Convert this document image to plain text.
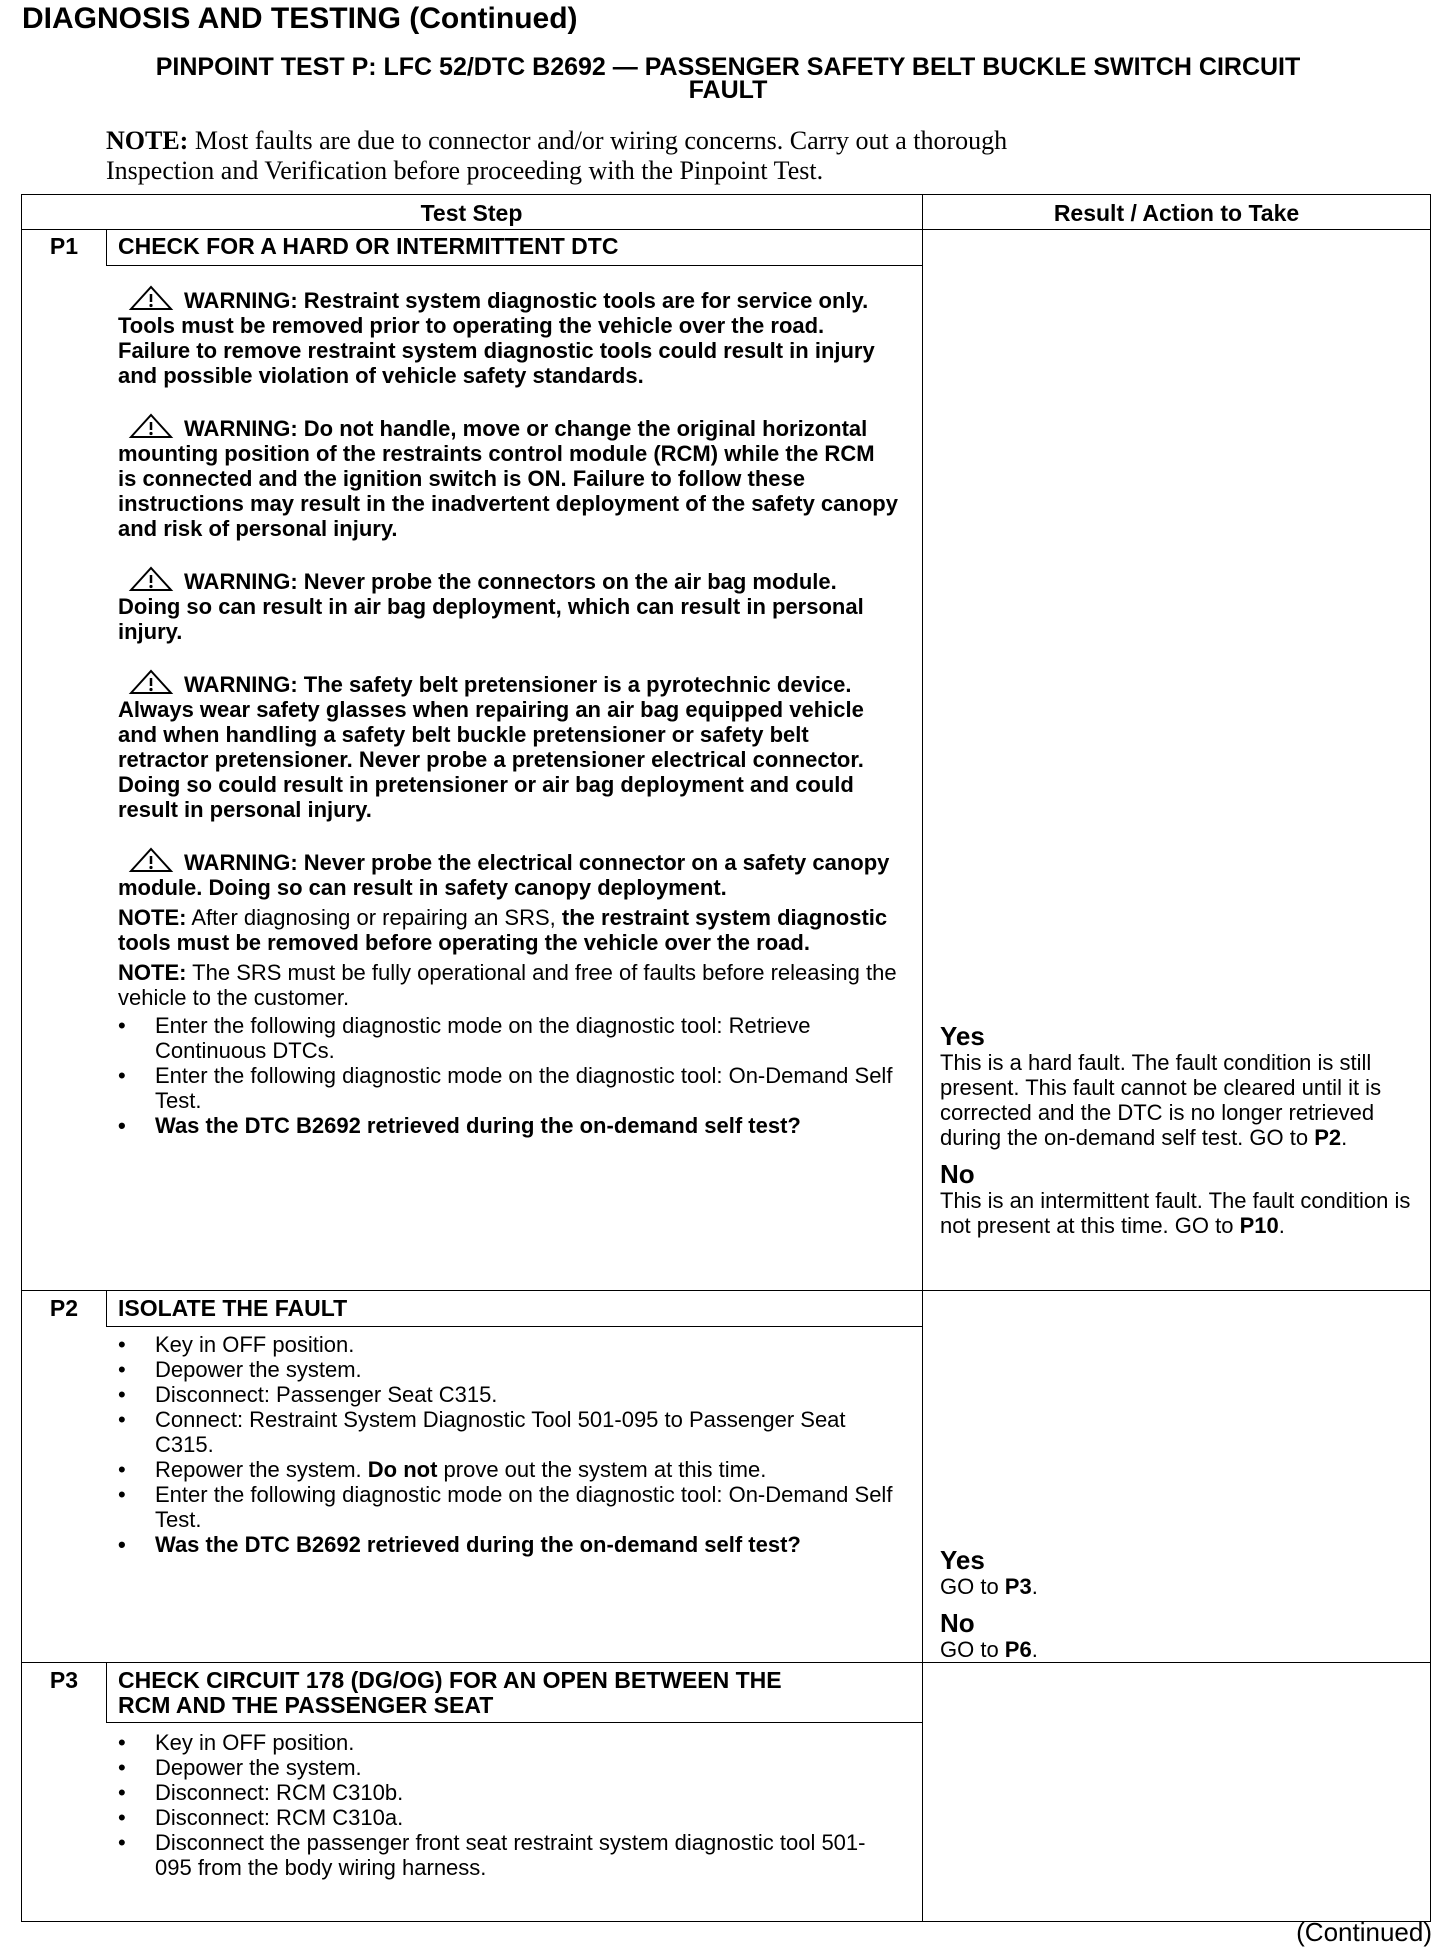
DIAGNOSIS AND TESTING (Continued)
PINPOINT TEST P: LFC 52/DTC B2692 — PASSENGER SAFETY BELT BUCKLE SWITCH CIRCUIT
FAULT
NOTE: Most faults are due to connector and/or wiring concerns. Carry out a thorough
Inspection and Verification before proceeding with the Pinpoint Test.
Test Step	Result / Action to Take
P1	CHECK FOR A HARD OR INTERMITTENT DTC

WARNING: Restraint system diagnostic tools are for service only. Tools must be removed prior to operating the vehicle over the road. Failure to remove restraint system diagnostic tools could result in injury and possible violation of vehicle safety standards.

WARNING: Do not handle, move or change the original horizontal mounting position of the restraints control module (RCM) while the RCM is connected and the ignition switch is ON. Failure to follow these instructions may result in the inadvertent deployment of the safety canopy and risk of personal injury.

WARNING: Never probe the connectors on the air bag module. Doing so can result in air bag deployment, which can result in personal injury.

WARNING: The safety belt pretensioner is a pyrotechnic device. Always wear safety glasses when repairing an air bag equipped vehicle and when handling a safety belt buckle pretensioner or safety belt retractor pretensioner. Never probe a pretensioner electrical connector. Doing so could result in pretensioner or air bag deployment and could result in personal injury.

WARNING: Never probe the electrical connector on a safety canopy module. Doing so can result in safety canopy deployment.

NOTE: After diagnosing or repairing an SRS, the restraint system diagnostic tools must be removed before operating the vehicle over the road.

NOTE: The SRS must be fully operational and free of faults before releasing the vehicle to the customer.

• Enter the following diagnostic mode on the diagnostic tool: Retrieve Continuous DTCs.
• Enter the following diagnostic mode on the diagnostic tool: On-Demand Self Test.
• Was the DTC B2692 retrieved during the on-demand self test?
Yes
This is a hard fault. The fault condition is still present. This fault cannot be cleared until it is corrected and the DTC is no longer retrieved during the on-demand self test. GO to P2.
No
This is an intermittent fault. The fault condition is not present at this time. GO to P10.
P2	ISOLATE THE FAULT
• Key in OFF position.
• Depower the system.
• Disconnect: Passenger Seat C315.
• Connect: Restraint System Diagnostic Tool 501-095 to Passenger Seat C315.
• Repower the system. Do not prove out the system at this time.
• Enter the following diagnostic mode on the diagnostic tool: On-Demand Self Test.
• Was the DTC B2692 retrieved during the on-demand self test?
Yes
GO to P3.
No
GO to P6.
P3	CHECK CIRCUIT 178 (DG/OG) FOR AN OPEN BETWEEN THE
RCM AND THE PASSENGER SEAT
• Key in OFF position.
• Depower the system.
• Disconnect: RCM C310b.
• Disconnect: RCM C310a.
• Disconnect the passenger front seat restraint system diagnostic tool 501-095 from the body wiring harness.
(Continued)
